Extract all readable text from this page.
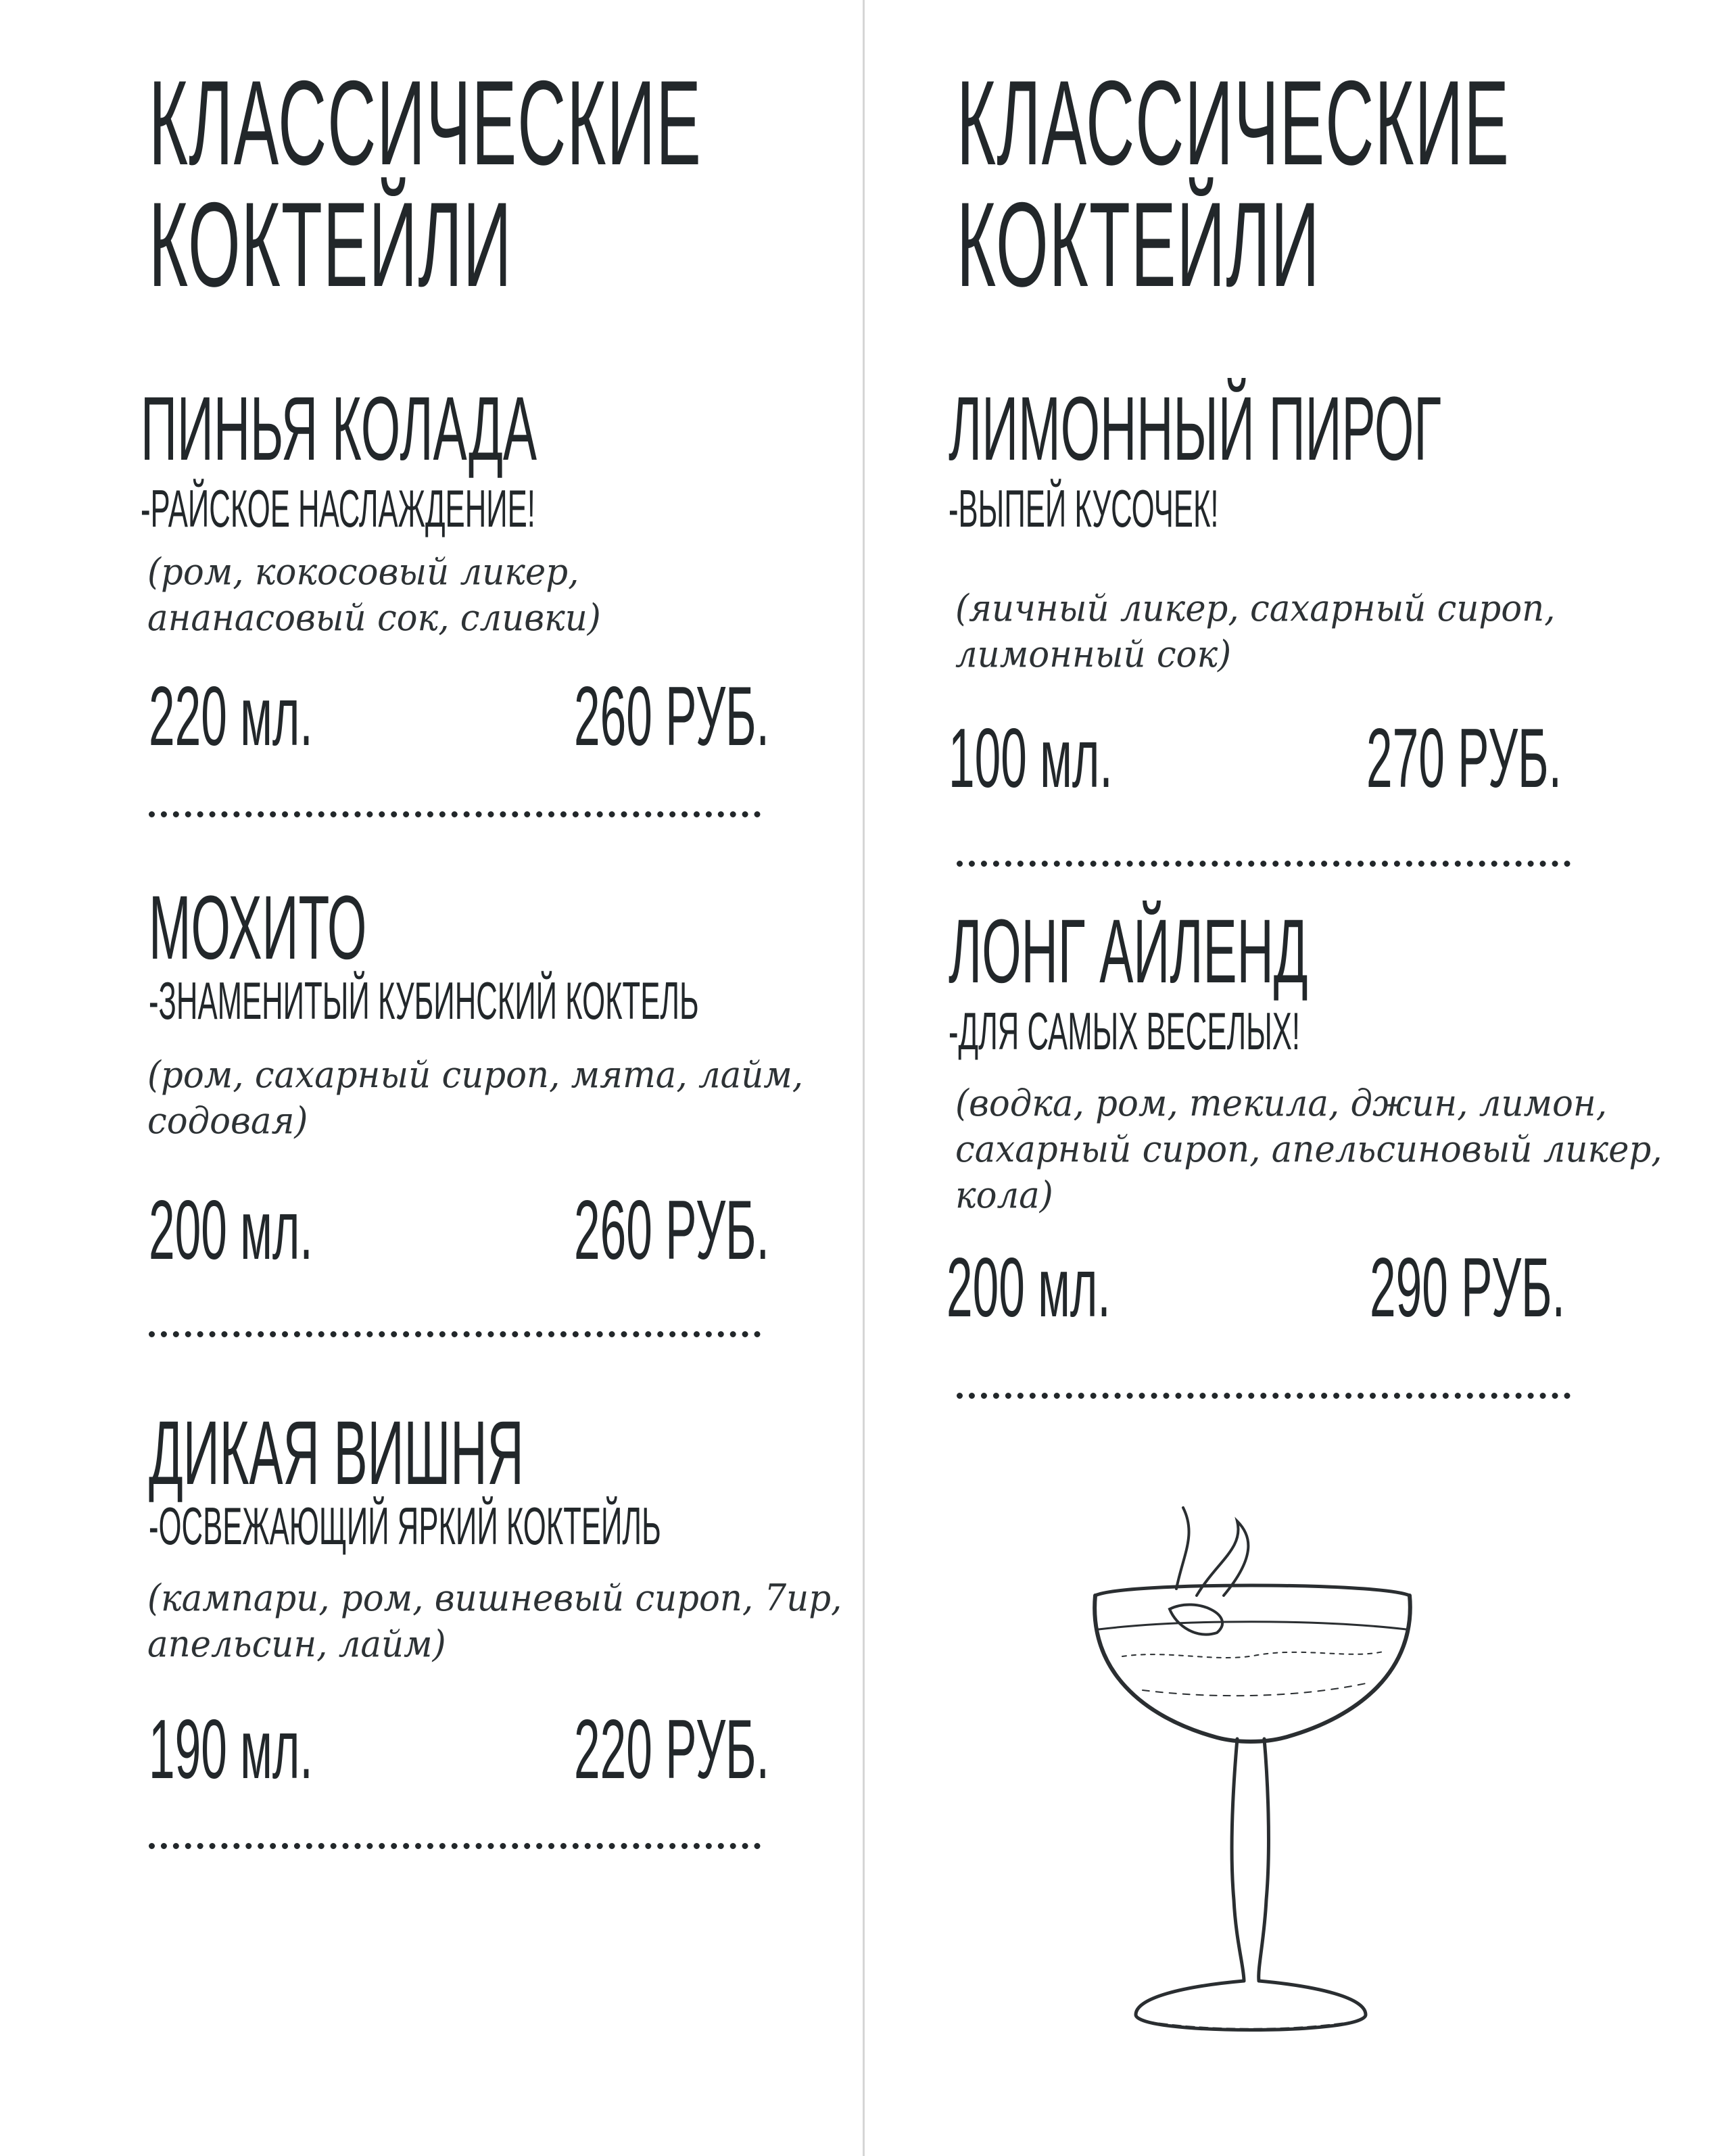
КЛАССИЧЕСКИЕ
КОКТЕЙЛИ
ПИНЬЯ КОЛАДА
-РАЙСКОЕ НАСЛАЖДЕНИЕ!
(ром, кокосовый ликер,
ананасовый сок, сливки)
220 мл.	260 РУБ.
МОХИТО
-ЗНАМЕНИТЫЙ КУБИНСКИЙ КОКТЕЛЬ
(ром, сахарный сироп, мята, лайм,
содовая)
200 мл.	260 РУБ.
ДИКАЯ ВИШНЯ
-ОСВЕЖАЮЩИЙ ЯРКИЙ КОКТЕЙЛЬ
(кампари, ром, вишневый сироп, 7ир,
апельсин, лайм)
190 мл.	220 РУБ.
КЛАССИЧЕСКИЕ
КОКТЕЙЛИ
ЛИМОННЫЙ ПИРОГ
-ВЫПЕЙ КУСОЧЕК!
(яичный ликер, сахарный сироп,
лимонный сок)
100 мл.	270 РУБ.
ЛОНГ АЙЛЕНД
-ДЛЯ САМЫХ ВЕСЕЛЫХ!
(водка, ром, текила, джин, лимон,
сахарный сироп, апельсиновый ликер,
кола)
200 мл.	290 РУБ.
